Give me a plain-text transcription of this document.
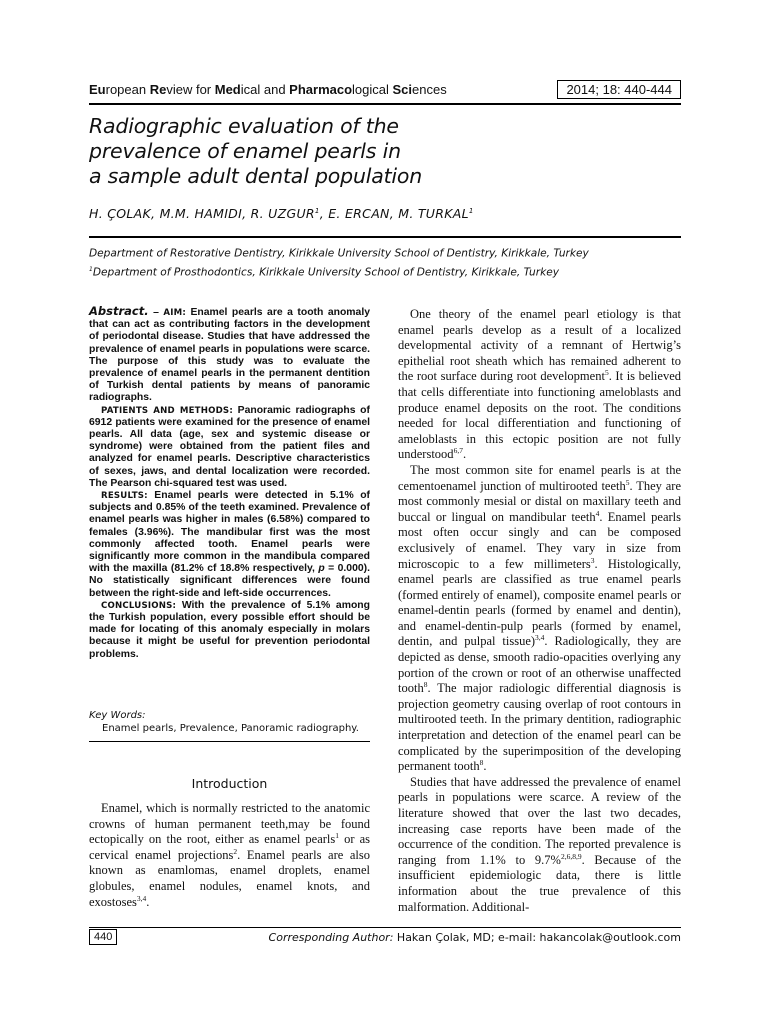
European Review for Medical and Pharmacological Sciences	2014; 18: 440-444
Radiographic evaluation of the
prevalence of enamel pearls in
a sample adult dental population
H. ÇOLAK, M.M. HAMIDI, R. UZGUR$^1$, E. ERCAN, M. TURKAL$^1$
Department of Restorative Dentistry, Kirikkale University School of Dentistry, Kirikkale, Turkey
$^1$Department of Prosthodontics, Kirikkale University School of Dentistry, Kirikkale, Turkey

Abstract. – AIM: Enamel pearls are a tooth anomaly that can act as contributing factors in the development of periodontal disease. Studies that have addressed the prevalence of enamel pearls in populations were scarce. The purpose of this study was to evaluate the prevalence of enamel pearls in the permanent dentition of Turkish dental patients by means of panoramic radiographs.

PATIENTS AND METHODS: Panoramic radiographs of 6912 patients were examined for the presence of enamel pearls. All data (age, sex and systemic disease or syndrome) were obtained from the patient files and analyzed for enamel pearls. Descriptive characteristics of sexes, jaws, and dental localization were recorded. The Pearson chi-squared test was used.

RESULTS: Enamel pearls were detected in 5.1% of subjects and 0.85% of the teeth examined. Prevalence of enamel pearls was higher in males (6.58%) compared to females (3.96%). The mandibular first was the most commonly affected tooth. Enamel pearls were significantly more common in the mandibula compared with the maxilla (81.2% cf 18.8% respectively, p = 0.000). No statistically significant differences were found between the right-side and left-side occurrences.

CONCLUSIONS: With the prevalence of 5.1% among the Turkish population, every possible effort should be made for locating of this anomaly especially in molars because it might be useful for prevention periodontal problems.

Key Words:
Enamel pearls, Prevalence, Panoramic radiography.
Introduction

Enamel, which is normally restricted to the anatomic crowns of human permanent teeth,may be found ectopically on the root, either as enamel pearls$^1$ or as cervical enamel projections$^2$. Enamel pearls are also known as enamlomas, enamel droplets, enamel globules, enamel nodules, enamel knots, and exostoses$^{3,4}$.

One theory of the enamel pearl etiology is that enamel pearls develop as a result of a localized developmental activity of a remnant of Hertwig’s epithelial root sheath which has remained adherent to the root surface during root development$^5$. It is believed that cells differentiate into functioning ameloblasts and produce enamel deposits on the root. The conditions needed for local differentiation and functioning of ameloblasts in this ectopic position are not fully understood$^{6,7}$.

The most common site for enamel pearls is at the cementoenamel junction of multirooted teeth$^5$. They are most commonly mesial or distal on maxillary teeth and buccal or lingual on mandibular teeth$^4$. Enamel pearls most often occur singly and can be composed exclusively of enamel. They vary in size from microscopic to a few millimeters$^3$. Histologically, enamel pearls are classified as true enamel pearls (formed entirely of enamel), composite enamel pearls or enamel-dentin pearls (formed by enamel and dentin), and enamel-dentin-pulp pearls (formed by enamel, dentin, and pulpal tissue)$^{3,4}$. Radiologically, they are depicted as dense, smooth radio-opacities overlying any portion of the crown or root of an otherwise unaffected tooth$^8$. The major radiologic differential diagnosis is projection geometry causing overlap of root contours in multirooted teeth. In the primary dentition, radiographic interpretation and detection of the enamel pearl can be complicated by the superimposition of the developing permanent tooth$^8$.

Studies that have addressed the prevalence of enamel pearls in populations were scarce. A review of the literature showed that over the last two decades, increasing case reports have been made of the occurrence of the condition. The reported prevalence is ranging from 1.1% to 9.7%$^{2,6,8,9}$. Because of the insufficient epidemiologic data, there is little information about the true prevalence of this malformation. Additional-

440	Corresponding Author: Hakan Çolak, MD; e-mail: hakancolak@outlook.com
